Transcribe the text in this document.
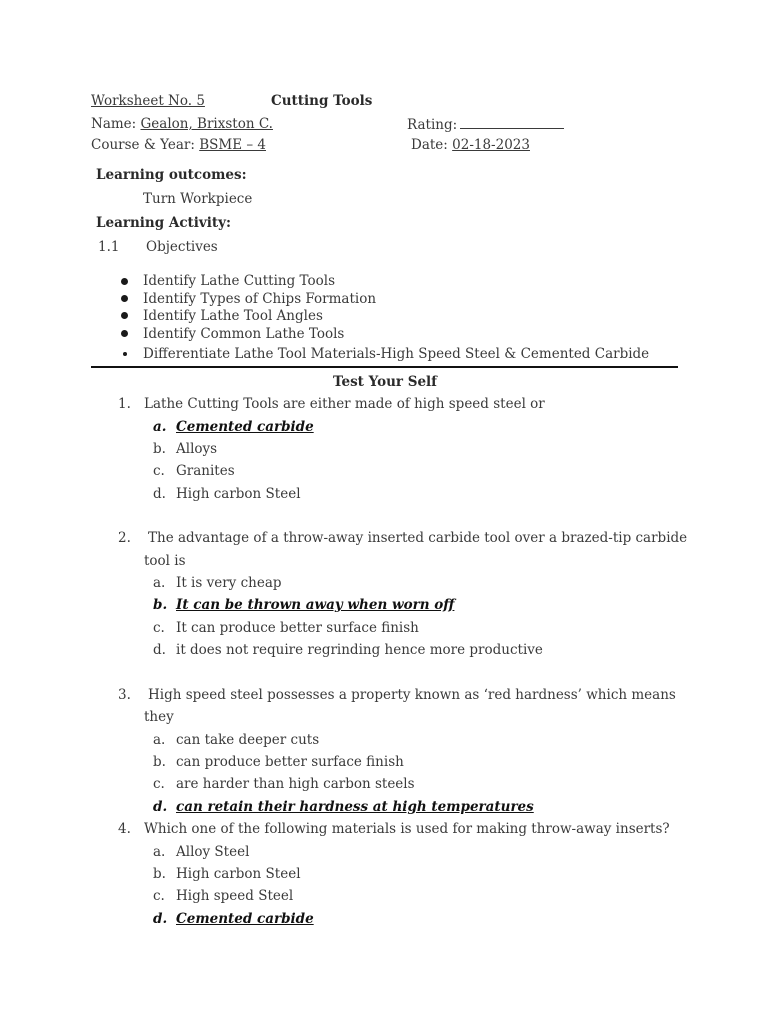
Worksheet No. 5	Cutting Tools
Name: Gealon, Brixston C.	Rating:
Course & Year: BSME – 4	Date: 02-18-2023
Learning outcomes:
Turn Workpiece
Learning Activity:
1.1 Objectives
Identify Lathe Cutting Tools
Identify Types of Chips Formation
Identify Lathe Tool Angles
Identify Common Lathe Tools
Differentiate Lathe Tool Materials-High Speed Steel & Cemented Carbide
Test Your Self
1. Lathe Cutting Tools are either made of high speed steel or
a. Cemented carbide
b. Alloys
c. Granites
d. High carbon Steel
2. The advantage of a throw-away inserted carbide tool over a brazed-tip carbide
tool is
a. It is very cheap
b. It can be thrown away when worn off
c. It can produce better surface finish
d. it does not require regrinding hence more productive
3. High speed steel possesses a property known as ‘red hardness’ which means
they
a. can take deeper cuts
b. can produce better surface finish
c. are harder than high carbon steels
d. can retain their hardness at high temperatures
4. Which one of the following materials is used for making throw-away inserts?
a. Alloy Steel
b. High carbon Steel
c. High speed Steel
d. Cemented carbide
